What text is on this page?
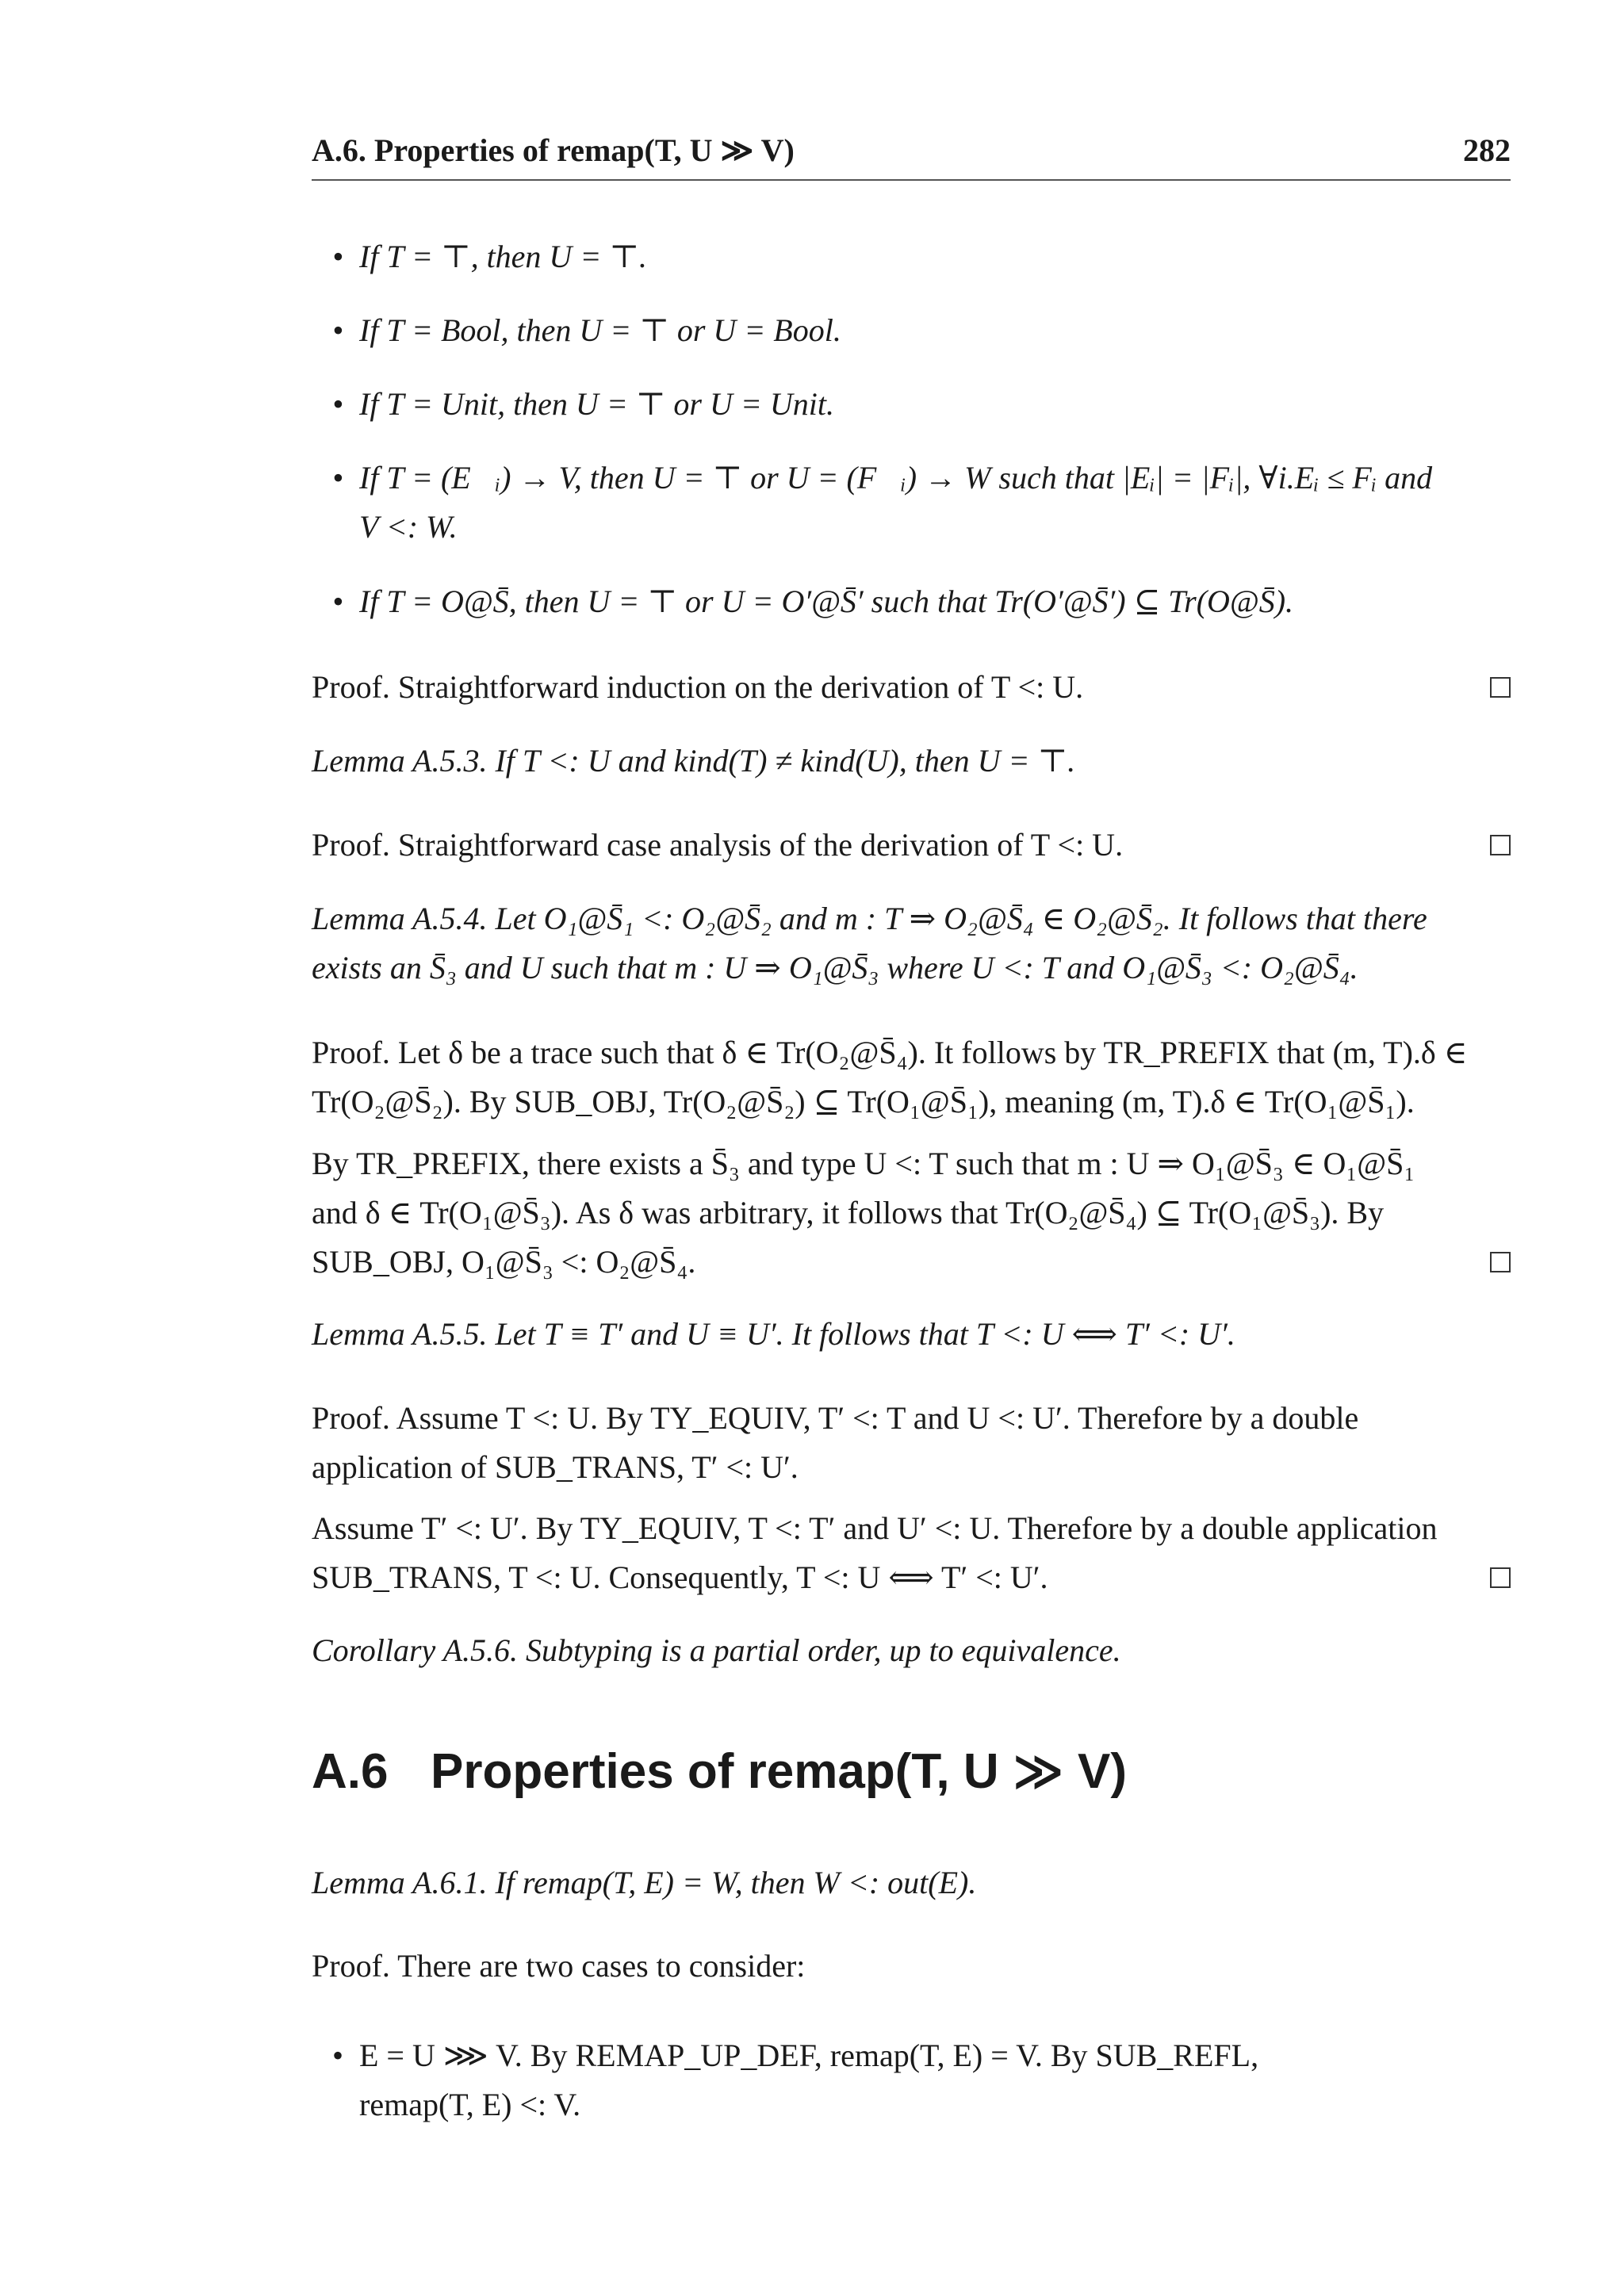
A.6. Properties of remap(T, U ≫ V)	282
• If T = ⊤, then U = ⊤.
• If T = Bool, then U = ⊤ or U = Bool.
• If T = Unit, then U = ⊤ or U = Unit.
• If T = (E⃗ᵢ) → V, then U = ⊤ or U = (F⃗ᵢ) → W such that |Eᵢ| = |Fᵢ|, ∀i.Eᵢ ≤ Fᵢ and
V <: W.
• If T = O@S̄, then U = ⊤ or U = O′@S̄′ such that Tr(O′@S̄′) ⊆ Tr(O@S̄).
Proof. Straightforward induction on the derivation of T <: U.
Lemma A.5.3. If T <: U and kind(T) ≠ kind(U), then U = ⊤.
Proof. Straightforward case analysis of the derivation of T <: U.
Lemma A.5.4. Let O₁@S̄₁ <: O₂@S̄₂ and m : T ⇒ O₂@S̄₄ ∈ O₂@S̄₂. It follows that there
exists an S̄₃ and U such that m : U ⇒ O₁@S̄₃ where U <: T and O₁@S̄₃ <: O₂@S̄₄.
Proof. Let δ be a trace such that δ ∈ Tr(O₂@S̄₄). It follows by TR_PREFIX that (m, T).δ ∈
Tr(O₂@S̄₂). By SUB_OBJ, Tr(O₂@S̄₂) ⊆ Tr(O₁@S̄₁), meaning (m, T).δ ∈ Tr(O₁@S̄₁).
By TR_PREFIX, there exists a S̄₃ and type U <: T such that m : U ⇒ O₁@S̄₃ ∈ O₁@S̄₁
and δ ∈ Tr(O₁@S̄₃). As δ was arbitrary, it follows that Tr(O₂@S̄₄) ⊆ Tr(O₁@S̄₃). By
SUB_OBJ, O₁@S̄₃ <: O₂@S̄₄.
Lemma A.5.5. Let T ≡ T′ and U ≡ U′. It follows that T <: U ⟺ T′ <: U′.
Proof. Assume T <: U. By TY_EQUIV, T′ <: T and U <: U′. Therefore by a double
application of SUB_TRANS, T′ <: U′.
Assume T′ <: U′. By TY_EQUIV, T <: T′ and U′ <: U. Therefore by a double application
SUB_TRANS, T <: U. Consequently, T <: U ⟺ T′ <: U′.
Corollary A.5.6. Subtyping is a partial order, up to equivalence.
A.6 Properties of remap(T, U ≫ V)
Lemma A.6.1. If remap(T, E) = W, then W <: out(E).
Proof. There are two cases to consider:
• E = U ⋙ V. By REMAP_UP_DEF, remap(T, E) = V. By SUB_REFL,
remap(T, E) <: V.
